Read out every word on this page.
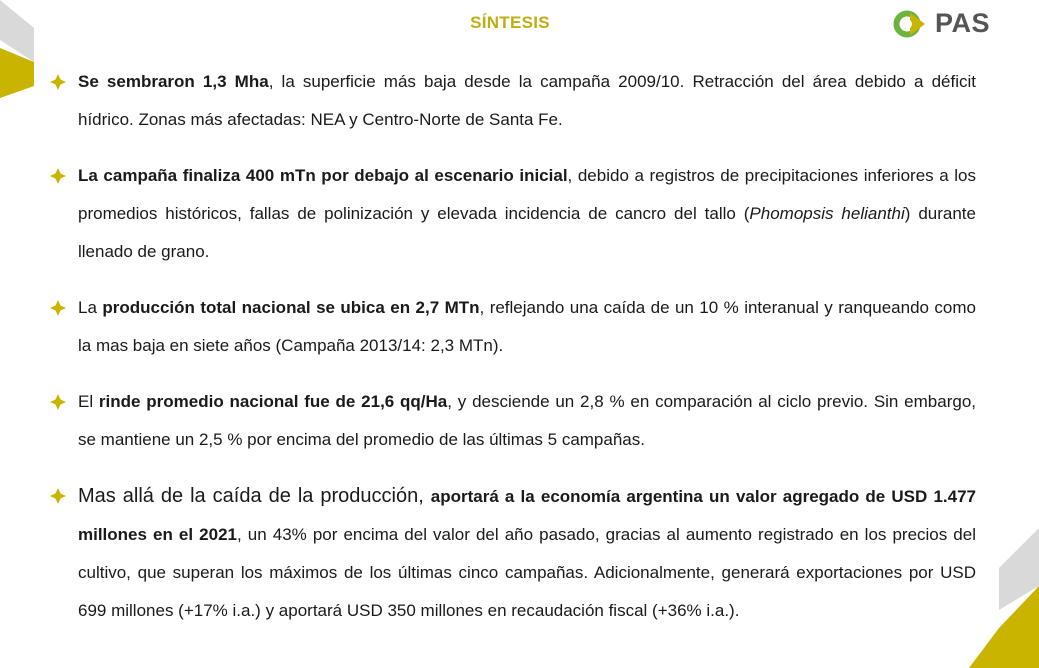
SÍNTESIS	PAS
Se sembraron 1,3 Mha, la superficie más baja desde la campaña 2009/10. Retracción del área debido a déficit hídrico. Zonas más afectadas: NEA y Centro-Norte de Santa Fe.
La campaña finaliza 400 mTn por debajo al escenario inicial, debido a registros de precipitaciones inferiores a los promedios históricos, fallas de polinización y elevada incidencia de cancro del tallo (Phomopsis helianthi) durante llenado de grano.
La producción total nacional se ubica en 2,7 MTn, reflejando una caída de un 10 % interanual y ranqueando como la mas baja en siete años (Campaña 2013/14: 2,3 MTn).
El rinde promedio nacional fue de 21,6 qq/Ha, y desciende un 2,8 % en comparación al ciclo previo. Sin embargo, se mantiene un 2,5 % por encima del promedio de las últimas 5 campañas.
Mas allá de la caída de la producción, aportará a la economía argentina un valor agregado de USD 1.477 millones en el 2021, un 43% por encima del valor del año pasado, gracias al aumento registrado en los precios del cultivo, que superan los máximos de los últimas cinco campañas. Adicionalmente, generará exportaciones por USD 699 millones (+17% i.a.) y aportará USD 350 millones en recaudación fiscal (+36% i.a.).
